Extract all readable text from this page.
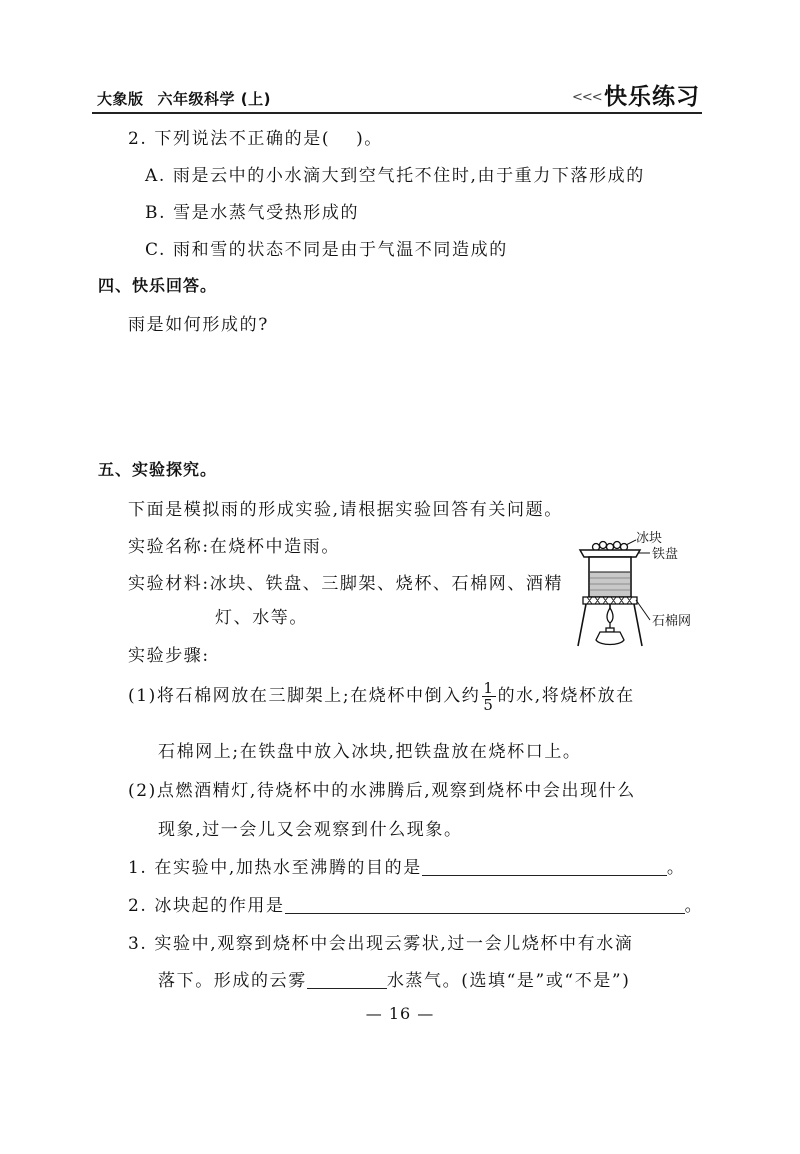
大象版 六年级科学 (上)	<<< 快乐练习
2. 下列说法不正确的是( )。
A. 雨是云中的小水滴大到空气托不住时,由于重力下落形成的
B. 雪是水蒸气受热形成的
C. 雨和雪的状态不同是由于气温不同造成的
四、快乐回答。
雨是如何形成的?
五、实验探究。
下面是模拟雨的形成实验,请根据实验回答有关问题。
实验名称:在烧杯中造雨。
实验材料:冰块、铁盘、三脚架、烧杯、石棉网、酒精
灯、水等。
实验步骤:
(1)将石棉网放在三脚架上;在烧杯中倒入约 $\frac{1}{5}$ 的水,将烧杯放在
石棉网上;在铁盘中放入冰块,把铁盘放在烧杯口上。
(2)点燃酒精灯,待烧杯中的水沸腾后,观察到烧杯中会出现什么
现象,过一会儿又会观察到什么现象。
1. 在实验中,加热水至沸腾的目的是	。
2. 冰块起的作用是	。
3. 实验中,观察到烧杯中会出现云雾状,过一会儿烧杯中有水滴
落下。形成的云雾	水蒸气。(选填“是”或“不是”)
冰块
铁盘
石棉网
— 16 —
